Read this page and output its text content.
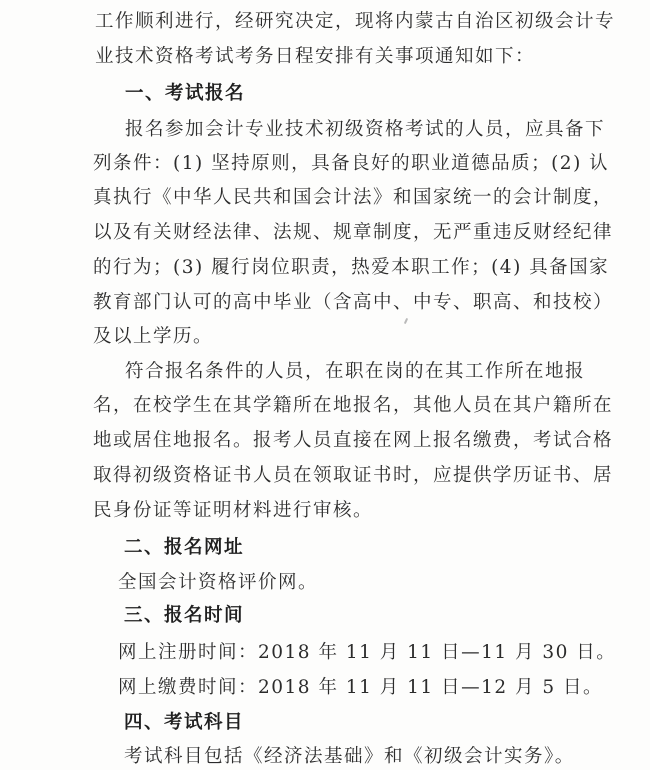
工作顺利进行，经研究决定，现将内蒙古自治区初级会计专
业技术资格考试考务日程安排有关事项通知如下：
一、考试报名
报名参加会计专业技术初级资格考试的人员，应具备下
列条件：(1) 坚持原则，具备良好的职业道德品质；(2) 认
真执行《中华人民共和国会计法》和国家统一的会计制度，
以及有关财经法律、法规、规章制度，无严重违反财经纪律
的行为；(3) 履行岗位职责，热爱本职工作；(4) 具备国家
教育部门认可的高中毕业（含高中、中专、职高、和技校）
及以上学历。
符合报名条件的人员，在职在岗的在其工作所在地报
名，在校学生在其学籍所在地报名，其他人员在其户籍所在
地或居住地报名。报考人员直接在网上报名缴费，考试合格
取得初级资格证书人员在领取证书时，应提供学历证书、居
民身份证等证明材料进行审核。
二、报名网址
全国会计资格评价网。
三、报名时间
网上注册时间：2018 年 11 月 11 日—11 月 30 日。
网上缴费时间：2018 年 11 月 11 日—12 月 5 日。
四、考试科目
考试科目包括《经济法基础》和《初级会计实务》。
